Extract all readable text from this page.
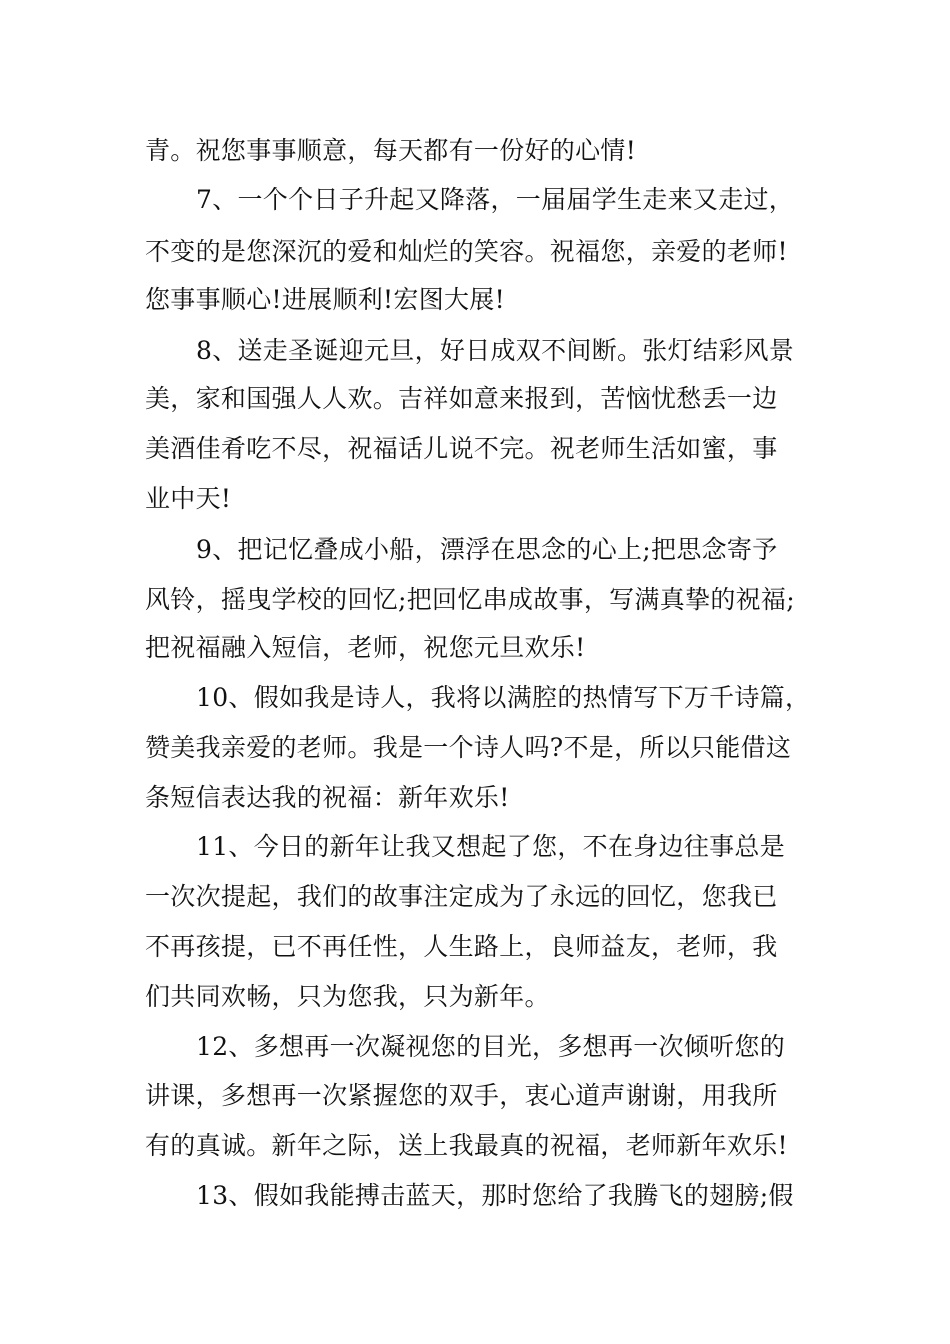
青。祝您事事顺意，每天都有一份好的心情!
7、一个个日子升起又降落，一届届学生走来又走过，
不变的是您深沉的爱和灿烂的笑容。祝福您，亲爱的老师!
您事事顺心!进展顺利!宏图大展!
8、送走圣诞迎元旦，好日成双不间断。张灯结彩风景
美，家和国强人人欢。吉祥如意来报到，苦恼忧愁丢一边
美酒佳肴吃不尽，祝福话儿说不完。祝老师生活如蜜，事
业中天!
9、把记忆叠成小船，漂浮在思念的心上;把思念寄予
风铃，摇曳学校的回忆;把回忆串成故事，写满真挚的祝福;
把祝福融入短信，老师，祝您元旦欢乐!
10、假如我是诗人，我将以满腔的热情写下万千诗篇，
赞美我亲爱的老师。我是一个诗人吗?不是，所以只能借这
条短信表达我的祝福：新年欢乐!
11、今日的新年让我又想起了您，不在身边往事总是
一次次提起，我们的故事注定成为了永远的回忆，您我已
不再孩提，已不再任性，人生路上，良师益友，老师，我
们共同欢畅，只为您我，只为新年。
12、多想再一次凝视您的目光，多想再一次倾听您的
讲课，多想再一次紧握您的双手，衷心道声谢谢，用我所
有的真诚。新年之际，送上我最真的祝福，老师新年欢乐!
13、假如我能搏击蓝天，那时您给了我腾飞的翅膀;假
